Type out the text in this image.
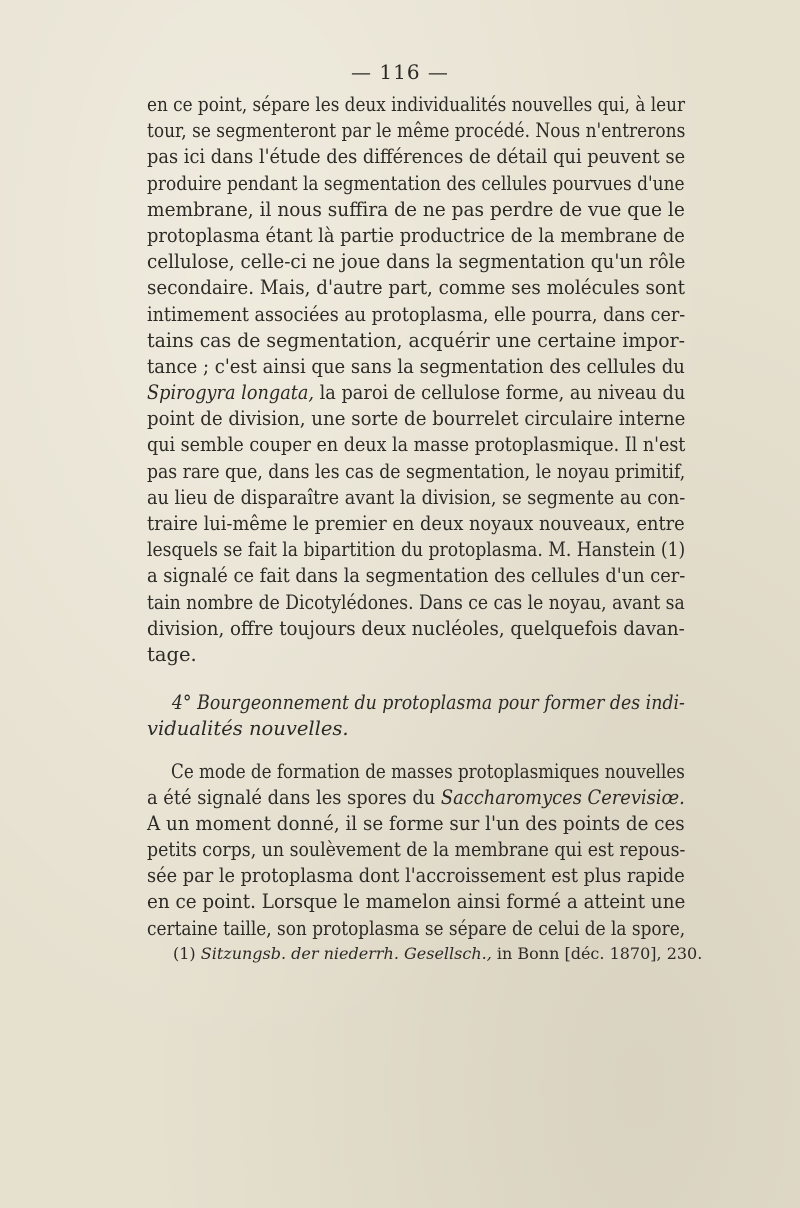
— 116 —
en ce point, sépare les deux individualités nouvelles qui, à leur
tour, se segmenteront par le même procédé. Nous n'entrerons
pas ici dans l'étude des différences de détail qui peuvent se
produire pendant la segmentation des cellules pourvues d'une
membrane, il nous suffira de ne pas perdre de vue que le
protoplasma étant là partie productrice de la membrane de
cellulose, celle-ci ne joue dans la segmentation qu'un rôle
secondaire. Mais, d'autre part, comme ses molécules sont
intimement associées au protoplasma, elle pourra, dans cer-
tains cas de segmentation, acquérir une certaine impor-
tance ; c'est ainsi que sans la segmentation des cellules du
Spirogyra longata, la paroi de cellulose forme, au niveau du
point de division, une sorte de bourrelet circulaire interne
qui semble couper en deux la masse protoplasmique. Il n'est
pas rare que, dans les cas de segmentation, le noyau primitif,
au lieu de disparaître avant la division, se segmente au con-
traire lui-même le premier en deux noyaux nouveaux, entre
lesquels se fait la bipartition du protoplasma. M. Hanstein (1)
a signalé ce fait dans la segmentation des cellules d'un cer-
tain nombre de Dicotylédones. Dans ce cas le noyau, avant sa
division, offre toujours deux nucléoles, quelquefois davan-
tage.
4° Bourgeonnement du protoplasma pour former des indi-
vidualités nouvelles.
Ce mode de formation de masses protoplasmiques nouvelles
a été signalé dans les spores du Saccharomyces Cerevisiœ.
A un moment donné, il se forme sur l'un des points de ces
petits corps, un soulèvement de la membrane qui est repous-
sée par le protoplasma dont l'accroissement est plus rapide
en ce point. Lorsque le mamelon ainsi formé a atteint une
certaine taille, son protoplasma se sépare de celui de la spore,
(1) Sitzungsb. der niederrh. Gesellsch., in Bonn [déc. 1870], 230.
